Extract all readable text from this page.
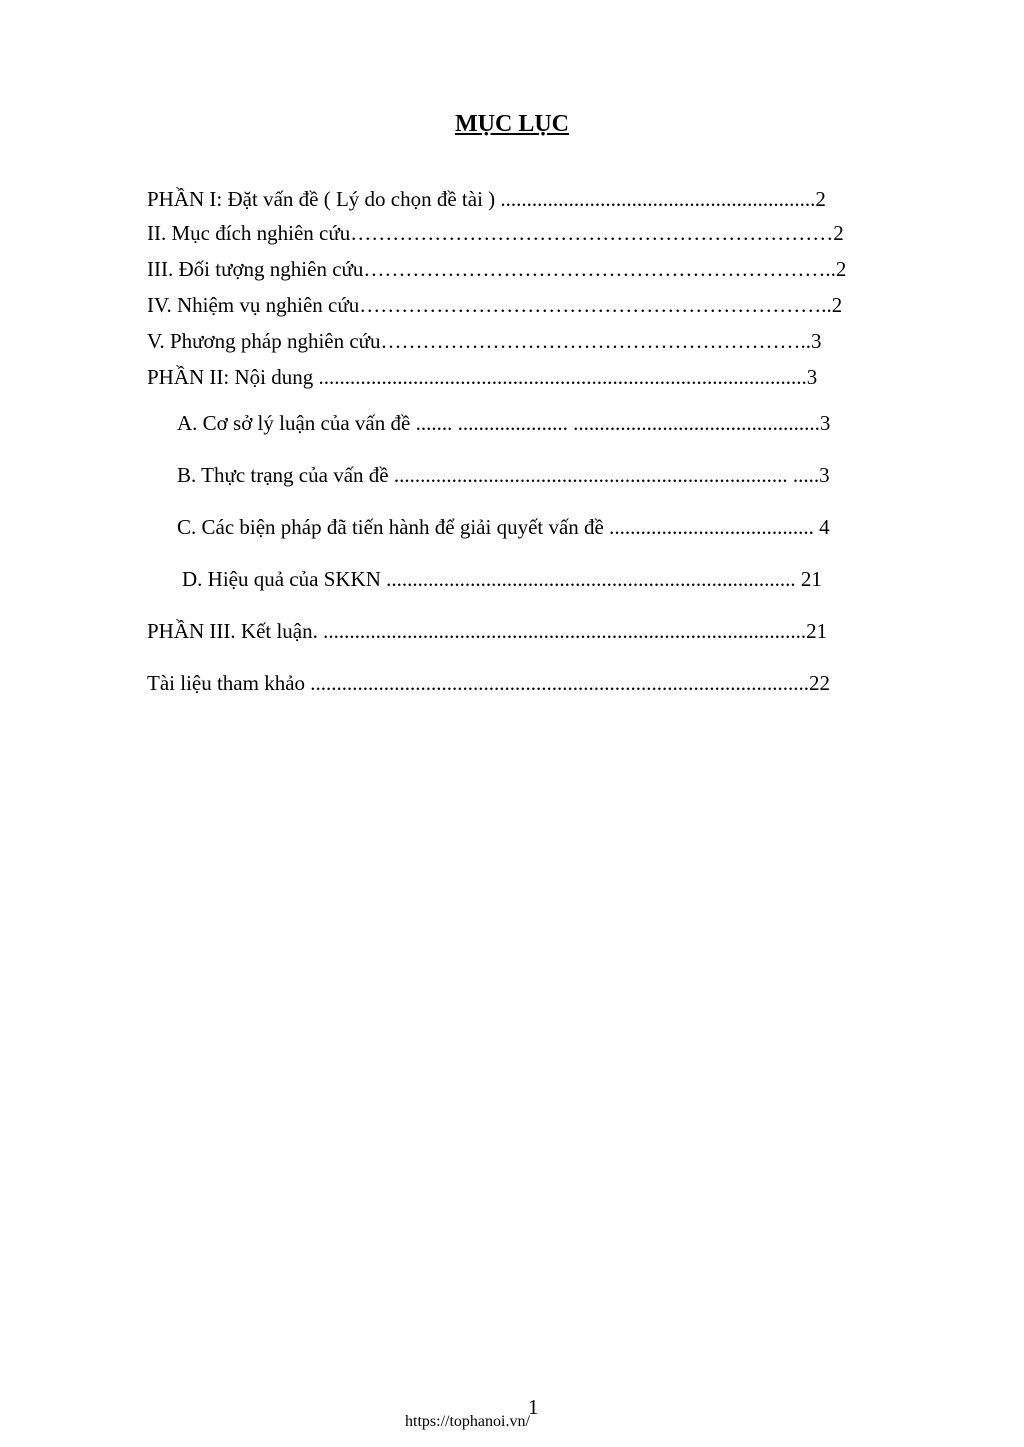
MỤC LỤC
PHẦN I: Đặt vấn đề ( Lý do chọn đề tài ) ............................................................2
II. Mục đích nghiên cứu……………………………………………………………2
III. Đối tượng nghiên cứu…………………………………………………………..2
IV. Nhiệm vụ nghiên cứu…………………………………………………………..2
V. Phương pháp nghiên cứu……………………………………………………..3
PHẦN II: Nội dung .............................................................................................3
A. Cơ sở lý luận của vấn đề ....... ..................... ...............................................3
B. Thực trạng của vấn đề ........................................................................... .....3
C. Các biện pháp đã tiến hành để giải quyết vấn đề ....................................... 4
D. Hiệu quả của SKKN .............................................................................. 21
PHẦN III. Kết luận. ............................................................................................21
Tài liệu tham khảo ...............................................................................................22
1
https://tophanoi.vn/
